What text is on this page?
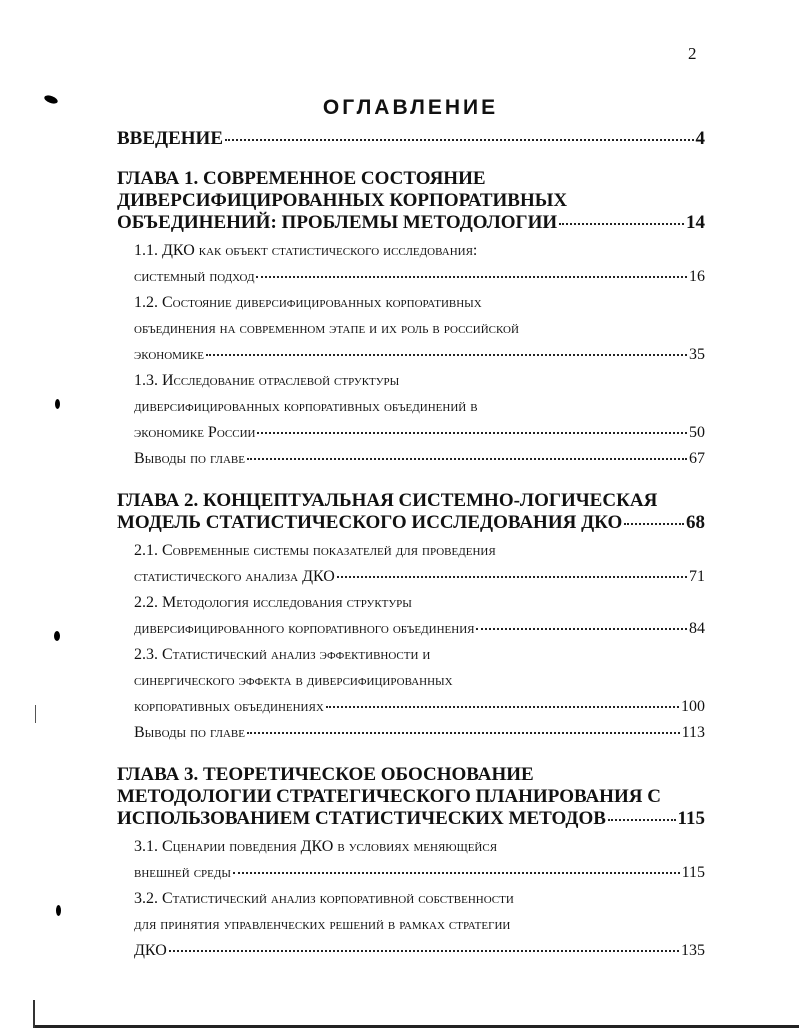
2
ОГЛАВЛЕНИЕ
ВВЕДЕНИЕ	4
ГЛАВА 1. СОВРЕМЕННОЕ СОСТОЯНИЕ
ДИВЕРСИФИЦИРОВАННЫХ КОРПОРАТИВНЫХ
ОБЪЕДИНЕНИЙ: ПРОБЛЕМЫ МЕТОДОЛОГИИ	14
1.1. ДКО как объект статистического исследования:
системный подход	16
1.2. Состояние диверсифицированных корпоративных
объединения на современном этапе и их роль в российской
экономике	35
1.3. Исследование отраслевой структуры
диверсифицированных корпоративных объединений в
экономике России	50
Выводы по главе	67
ГЛАВА 2. КОНЦЕПТУАЛЬНАЯ СИСТЕМНО-ЛОГИЧЕСКАЯ
МОДЕЛЬ СТАТИСТИЧЕСКОГО ИССЛЕДОВАНИЯ ДКО	68
2.1. Современные системы показателей для проведения
статистического анализа ДКО	71
2.2. Методология исследования структуры
диверсифицированного корпоративного объединения	84
2.3. Статистический анализ эффективности и
синергического эффекта в диверсифицированных
корпоративных объединениях	100
Выводы по главе	113
ГЛАВА 3. ТЕОРЕТИЧЕСКОЕ ОБОСНОВАНИЕ
МЕТОДОЛОГИИ СТРАТЕГИЧЕСКОГО ПЛАНИРОВАНИЯ С
ИСПОЛЬЗОВАНИЕМ СТАТИСТИЧЕСКИХ МЕТОДОВ	115
3.1. Сценарии поведения ДКО в условиях меняющейся
внешней среды	115
3.2. Статистический анализ корпоративной собственности
для принятия управленческих решений в рамках стратегии
ДКО	135
